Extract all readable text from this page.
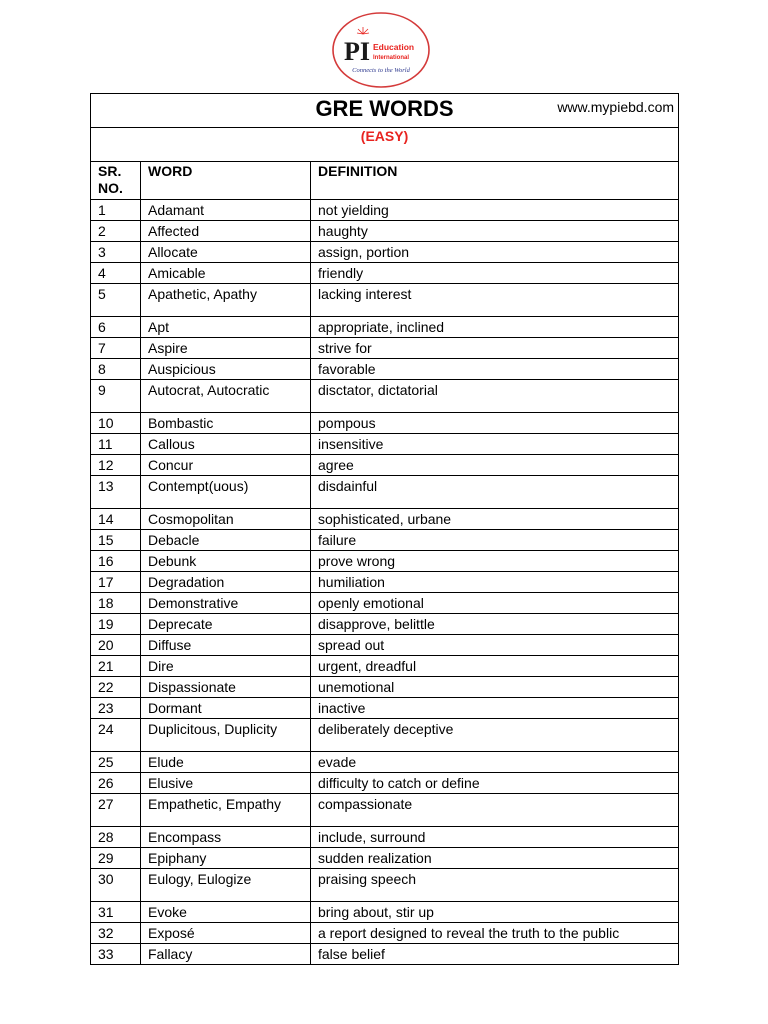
PI Education
International
Connects to the World
GRE WORDS www.mypiebd.com		

(EASY)		

SR.
NO.	WORD	DEFINITION
1	Adamant	not yielding
2	Affected	haughty
3	Allocate	assign, portion
4	Amicable	friendly
5	Apathetic, Apathy	lacking interest
6	Apt	appropriate, inclined
7	Aspire	strive for
8	Auspicious	favorable
9	Autocrat, Autocratic	disctator, dictatorial
10	Bombastic	pompous
11	Callous	insensitive
12	Concur	agree
13	Contempt(uous)	disdainful
14	Cosmopolitan	sophisticated, urbane
15	Debacle	failure
16	Debunk	prove wrong
17	Degradation	humiliation
18	Demonstrative	openly emotional
19	Deprecate	disapprove, belittle
20	Diffuse	spread out
21	Dire	urgent, dreadful
22	Dispassionate	unemotional
23	Dormant	inactive
24	Duplicitous, Duplicity	deliberately deceptive
25	Elude	evade
26	Elusive	difficulty to catch or define
27	Empathetic, Empathy	compassionate
28	Encompass	include, surround
29	Epiphany	sudden realization
30	Eulogy, Eulogize	praising speech
31	Evoke	bring about, stir up
32	Exposé	a report designed to reveal the truth to the public
33	Fallacy	false belief
